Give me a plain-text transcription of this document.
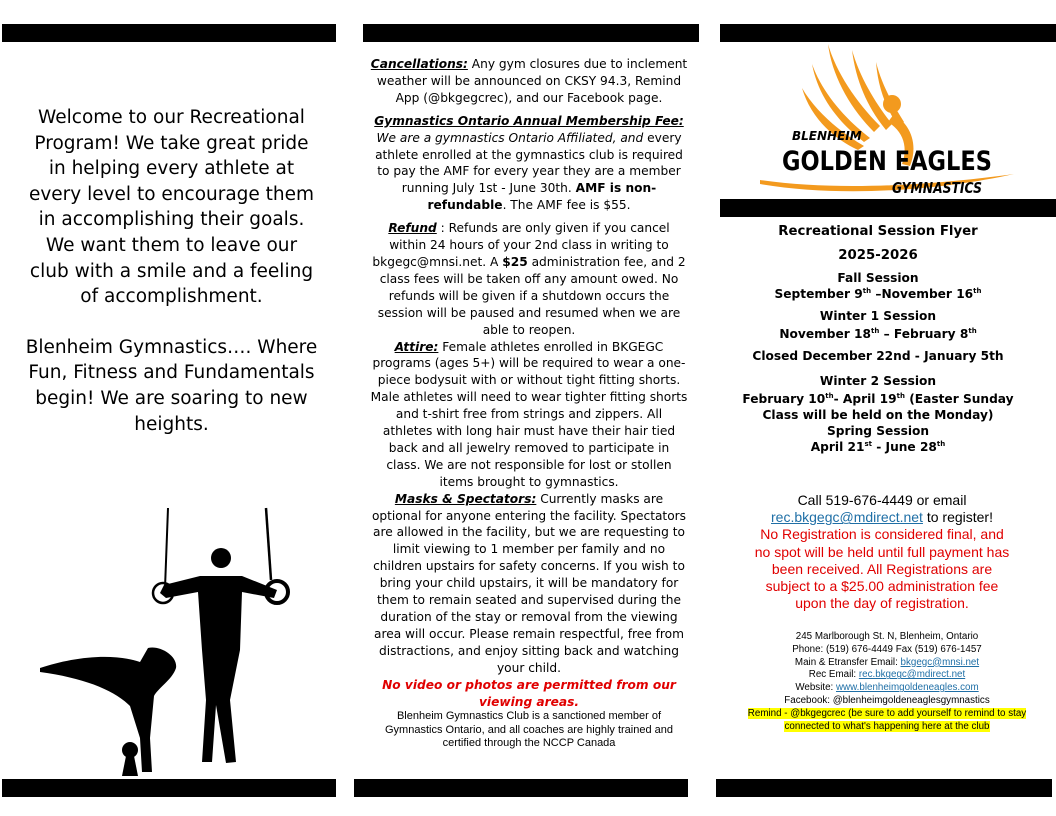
Welcome to our Recreational Program! We take great pride in helping every athlete at every level to encourage them in accomplishing their goals. We want them to leave our club with a smile and a feeling of accomplishment.

Blenheim Gymnastics…. Where Fun, Fitness and Fundamentals begin! We are soaring to new heights.

Cancellations: Any gym closures due to inclement weather will be announced on CKSY 94.3, Remind App (@bkgegcrec), and our Facebook page.

Gymnastics Ontario Annual Membership Fee:
We are a gymnastics Ontario Affiliated, and every athlete enrolled at the gymnastics club is required to pay the AMF for every year they are a member running July 1st - June 30th. AMF is non-refundable. The AMF fee is $55.

Refund : Refunds are only given if you cancel within 24 hours of your 2nd class in writing to bkgegc@mnsi.net. A $25 administration fee, and 2 class fees will be taken off any amount owed. No refunds will be given if a shutdown occurs the session will be paused and resumed when we are able to reopen.

Attire: Female athletes enrolled in BKGEGC programs (ages 5+) will be required to wear a one-piece bodysuit with or without tight fitting shorts. Male athletes will need to wear tighter fitting shorts and t-shirt free from strings and zippers. All athletes with long hair must have their hair tied back and all jewelry removed to participate in class. We are not responsible for lost or stollen items brought to gymnastics.

Masks & Spectators: Currently masks are optional for anyone entering the facility. Spectators are allowed in the facility, but we are requesting to limit viewing to 1 member per family and no children upstairs for safety concerns. If you wish to bring your child upstairs, it will be mandatory for them to remain seated and supervised during the duration of the stay or removal from the viewing area will occur. Please remain respectful, free from distractions, and enjoy sitting back and watching your child.

No video or photos are permitted from our viewing areas.

Blenheim Gymnastics Club is a sanctioned member of Gymnastics Ontario, and all coaches are highly trained and certified through the NCCP Canada

BLENHEIM
GOLDEN EAGLES
GYMNASTICS

Recreational Session Flyer

2025-2026

Fall Session

September 9th –November 16th

Winter 1 Session

November 18th – February 8th

Closed December 22nd - January 5th

Winter 2 Session

February 10th- April 19th (Easter Sunday Class will be held on the Monday)

Spring Session

April 21st - June 28th

Call 519-676-4449 or email

rec.bkgegc@mdirect.net to register!

No Registration is considered final, and no spot will be held until full payment has been received. All Registrations are subject to a $25.00 administration fee upon the day of registration.

245 Marlborough St. N, Blenheim, Ontario

Phone: (519) 676-4449 Fax (519) 676-1457

Main & Etransfer Email: bkgegc@mnsi.net

Rec Email: rec.bkgegc@mdirect.net

Website: www.blenheimgoldeneagles.com

Facebook: @blenheimgoldeneaglesgymnastics

Remind - @bkgegcrec (be sure to add yourself to remind to stay connected to what's happening here at the club
